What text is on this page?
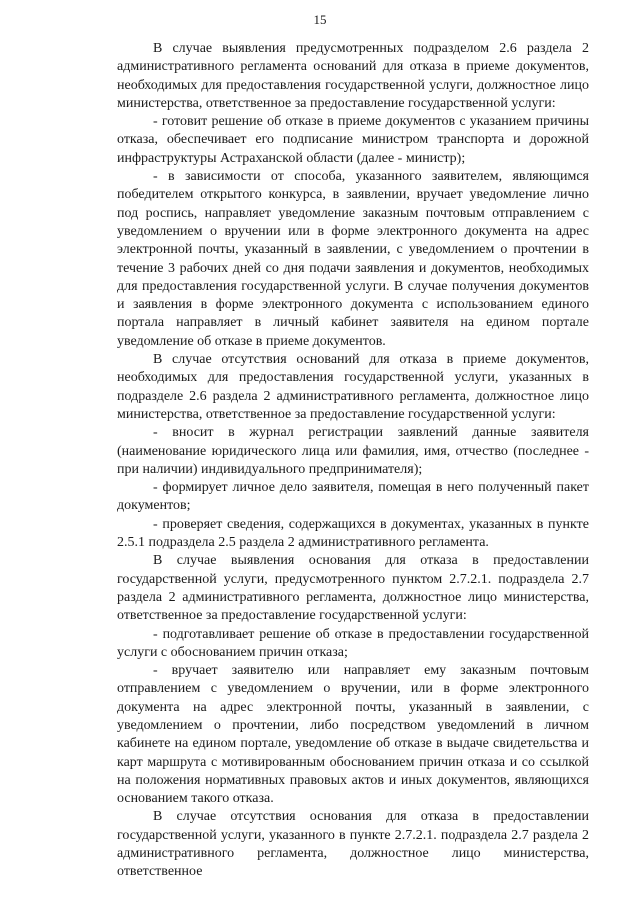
15

В случае выявления предусмотренных подразделом 2.6 раздела 2 административного регламента оснований для отказа в приеме документов, необходимых для предоставления государственной услуги, должностное лицо министерства, ответственное за предоставление государственной услуги:

- готовит решение об отказе в приеме документов с указанием причины отказа, обеспечивает его подписание министром транспорта и дорожной инфраструктуры Астраханской области (далее - министр);

- в зависимости от способа, указанного заявителем, являющимся победителем открытого конкурса, в заявлении, вручает уведомление лично под роспись, направляет уведомление заказным почтовым отправлением с уведомлением о вручении или в форме электронного документа на адрес электронной почты, указанный в заявлении, с уведомлением о прочтении в течение 3 рабочих дней со дня подачи заявления и документов, необходимых для предоставления государственной услуги. В случае получения документов и заявления в форме электронного документа с использованием единого портала направляет в личный кабинет заявителя на едином портале уведомление об отказе в приеме документов.

В случае отсутствия оснований для отказа в приеме документов, необходимых для предоставления государственной услуги, указанных в подразделе 2.6 раздела 2 административного регламента, должностное лицо министерства, ответственное за предоставление государственной услуги:

- вносит в журнал регистрации заявлений данные заявителя (наименование юридического лица или фамилия, имя, отчество (последнее - при наличии) индивидуального предпринимателя);

- формирует личное дело заявителя, помещая в него полученный пакет документов;

- проверяет сведения, содержащихся в документах, указанных в пункте 2.5.1 подраздела 2.5 раздела 2 административного регламента.

В случае выявления основания для отказа в предоставлении государственной услуги, предусмотренного пунктом 2.7.2.1. подраздела 2.7 раздела 2 административного регламента, должностное лицо министерства, ответственное за предоставление государственной услуги:

- подготавливает решение об отказе в предоставлении государственной услуги с обоснованием причин отказа;

- вручает заявителю или направляет ему заказным почтовым отправлением с уведомлением о вручении, или в форме электронного документа на адрес электронной почты, указанный в заявлении, с уведомлением о прочтении, либо посредством уведомлений в личном кабинете на едином портале, уведомление об отказе в выдаче свидетельства и карт маршрута с мотивированным обоснованием причин отказа и со ссылкой на положения нормативных правовых актов и иных документов, являющихся основанием такого отказа.

В случае отсутствия основания для отказа в предоставлении государственной услуги, указанного в пункте 2.7.2.1. подраздела 2.7 раздела 2 административного регламента, должностное лицо министерства, ответственное
